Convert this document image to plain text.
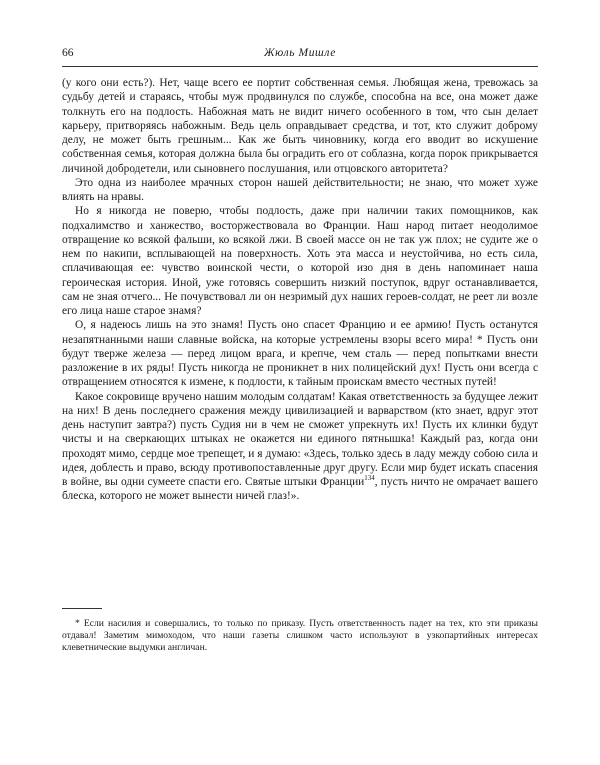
66	Жюль Мишле

(у кого они есть?). Нет, чаще всего ее портит собственная семья. Любящая жена, тревожась за судьбу детей и стараясь, чтобы муж продвинулся по службе, способна на все, она может даже толкнуть его на подлость. Набожная мать не видит ничего особенного в том, что сын делает карьеру, притворяясь набожным. Ведь цель оправдывает средства, и тот, кто служит доброму делу, не может быть грешным... Как же быть чиновнику, когда его вводит во искушение собственная семья, которая должна была бы оградить его от соблазна, когда порок прикрывается личиной добродетели, или сыновнего послушания, или отцовского авторитета?

Это одна из наиболее мрачных сторон нашей действительности; не знаю, что может хуже влиять на нравы.

Но я никогда не поверю, чтобы подлость, даже при наличии таких помощников, как подхалимство и ханжество, восторжествовала во Франции. Наш народ питает неодолимое отвращение ко всякой фальши, ко всякой лжи. В своей массе он не так уж плох; не судите же о нем по накипи, всплывающей на поверхность. Хоть эта масса и неустойчива, но есть сила, сплачивающая ее: чувство воинской чести, о которой изо дня в день напоминает наша героическая история. Иной, уже готовясь совершить низкий поступок, вдруг останавливается, сам не зная отчего... Не почувствовал ли он незримый дух наших героев-солдат, не реет ли возле его лица наше старое знамя?

О, я надеюсь лишь на это знамя! Пусть оно спасет Францию и ее армию! Пусть останутся незапятнанными наши славные войска, на которые устремлены взоры всего мира! * Пусть они будут тверже железа — перед лицом врага, и крепче, чем сталь — перед попытками внести разложение в их ряды! Пусть никогда не проникнет в них полицейский дух! Пусть они всегда с отвращением относятся к измене, к подлости, к тайным проискам вместо честных путей!

Какое сокровище вручено нашим молодым солдатам! Какая ответственность за будущее лежит на них! В день последнего сражения между цивилизацией и варварством (кто знает, вдруг этот день наступит завтра?) пусть Судия ни в чем не сможет упрекнуть их! Пусть их клинки будут чисты и на сверкающих штыках не окажется ни единого пятнышка! Каждый раз, когда они проходят мимо, сердце мое трепещет, и я думаю: «Здесь, только здесь в ладу между собою сила и идея, доблесть и право, всюду противопоставленные друг другу. Если мир будет искать спасения в войне, вы одни сумеете спасти его. Святые штыки Франции$^{134}$, пусть ничто не омрачает вашего блеска, которого не может вынести ничей глаз!».

* Если насилия и совершались, то только по приказу. Пусть ответственность падет на тех, кто эти приказы отдавал! Заметим мимоходом, что наши газеты слишком часто используют в узкопартийных интересах клеветнические выдумки англичан.
